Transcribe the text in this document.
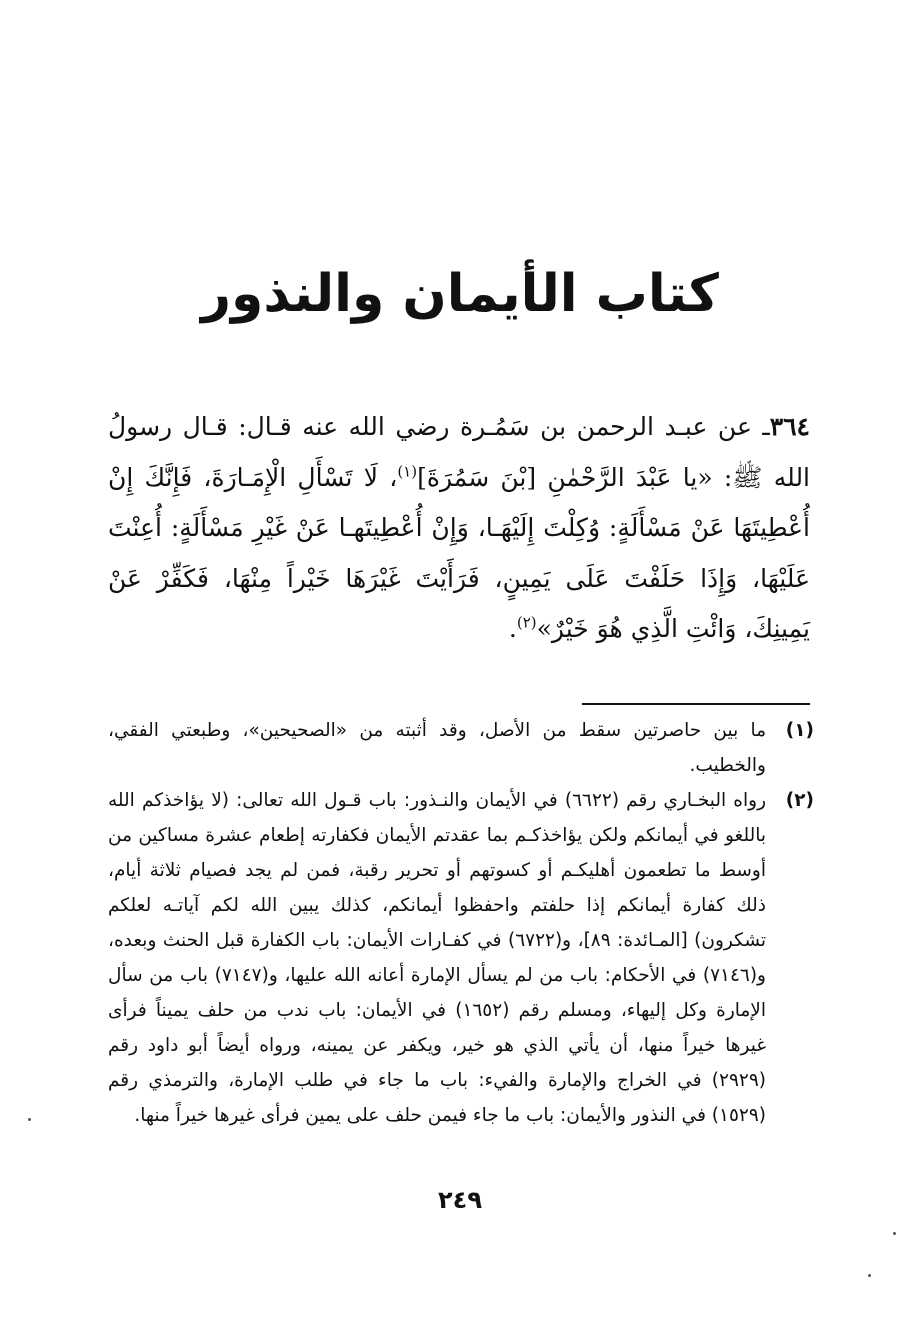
كتاب الأيمان والنذور

٣٦٤ـ عن عبـد الرحمن بن سَمُـرة رضي الله عنه قـال: قـال رسولُ الله ﷺ: «يا عَبْدَ الرَّحْمٰنِ [بْنَ سَمُرَةَ]$^{(١)}$، لَا تَسْأَلِ الْإِمَـارَةَ، فَإِنَّكَ إِنْ أُعْطِيتَهَا عَنْ مَسْأَلَةٍ: وُكِلْتَ إِلَيْهَـا، وَإِنْ أُعْطِيتَهـا عَنْ غَيْرِ مَسْأَلَةٍ: أُعِنْتَ عَلَيْهَا، وَإِذَا حَلَفْتَ عَلَى يَمِينٍ، فَرَأَيْتَ غَيْرَهَا خَيْراً مِنْهَا، فَكَفِّرْ عَنْ يَمِينِكَ، وَائْتِ الَّذِي هُوَ خَيْرٌ»$^{(٢)}$.

(١)
ما بين حاصرتين سقط من الأصل، وقد أثبته من «الصحيحين»، وطبعتي الفقي، والخطيب.

(٢)
رواه البخـاري رقم (٦٦٢٢) في الأيمان والنـذور: باب قـول الله تعالى: (لا يؤاخذكم الله باللغو في أيمانكم ولكن يؤاخذكـم بما عقدتم الأيمان فكفارته إطعام عشرة مساكين من أوسط ما تطعمون أهليكـم أو كسوتهم أو تحرير رقبة، فمن لم يجد فصيام ثلاثة أيام، ذلك كفارة أيمانكم إذا حلفتم واحفظوا أيمانكم، كذلك يبين الله لكم آياتـه لعلكم تشكرون) [المـائدة: ٨٩]، و(٦٧٢٢) في كفـارات الأيمان: باب الكفارة قبل الحنث وبعده، و(٧١٤٦) في الأحكام: باب من لم يسأل الإمارة أعانه الله عليها، و(٧١٤٧) باب من سأل الإمارة وكل إليهاء، ومسلم رقم (١٦٥٢) في الأيمان: باب ندب من حلف يميناً فرأى غيرها خيراً منها، أن يأتي الذي هو خير، ويكفر عن يمينه، ورواه أيضاً أبو داود رقم (٢٩٢٩) في الخراج والإمارة والفيء: باب ما جاء في طلب الإمارة، والترمذي رقم (١٥٢٩) في النذور والأيمان: باب ما جاء فيمن حلف على يمين فرأى غيرها خيراً منها.

٢٤٩
